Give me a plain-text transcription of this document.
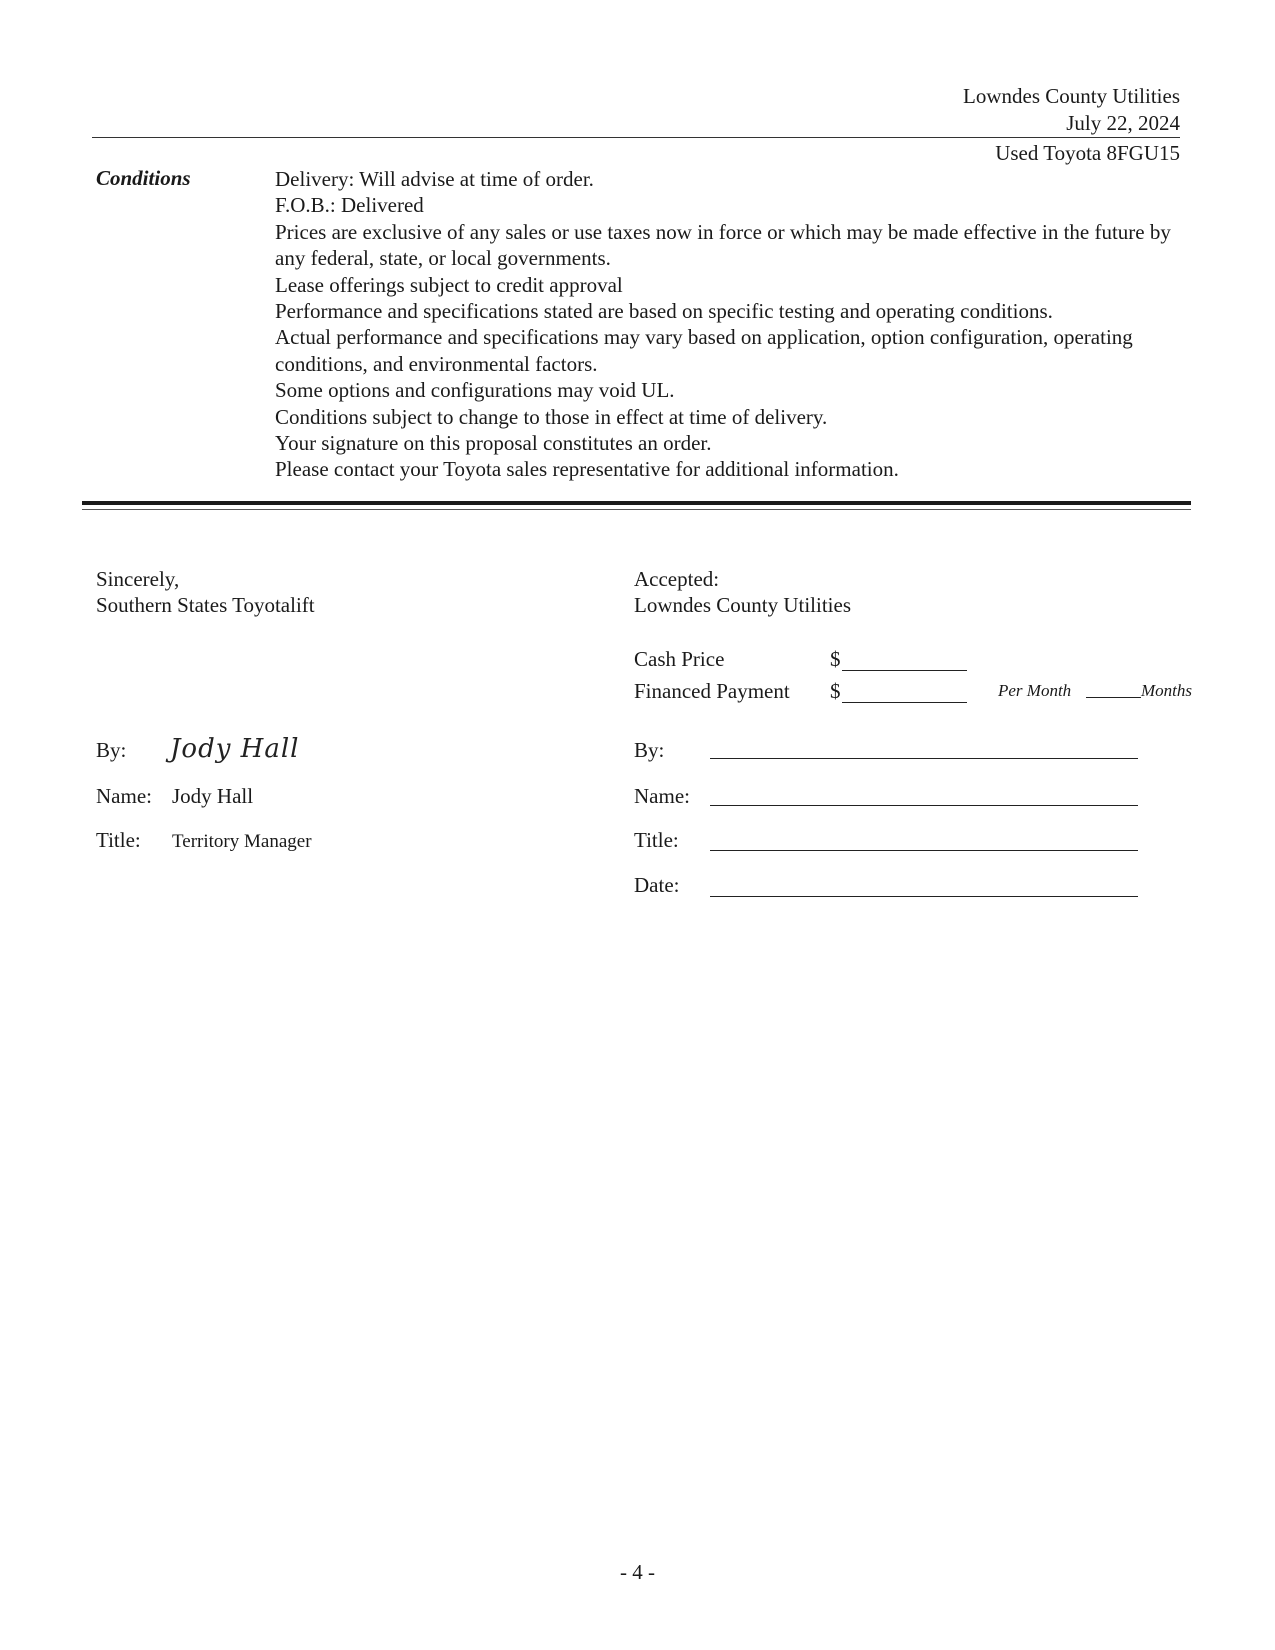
Lowndes County Utilities
July 22, 2024
Used Toyota 8FGU15
Conditions	Delivery: Will advise at time of order.
F.O.B.: Delivered
Prices are exclusive of any sales or use taxes now in force or which may be made effective in the future by any federal, state, or local governments.
Lease offerings subject to credit approval
Performance and specifications stated are based on specific testing and operating conditions.
Actual performance and specifications may vary based on application, option configuration, operating conditions, and environmental factors.
Some options and configurations may void UL.
Conditions subject to change to those in effect at time of delivery.
Your signature on this proposal constitutes an order.
Please contact your Toyota sales representative for additional information.
Sincerely,
Southern States Toyotalift
By: Jody Hall
Name: Jody Hall
Title: Territory Manager
Accepted:
Lowndes County Utilities
Cash Price	$
Financed Payment $	Per Month	Months
By:
Name:
Title:
Date:
- 4 -
